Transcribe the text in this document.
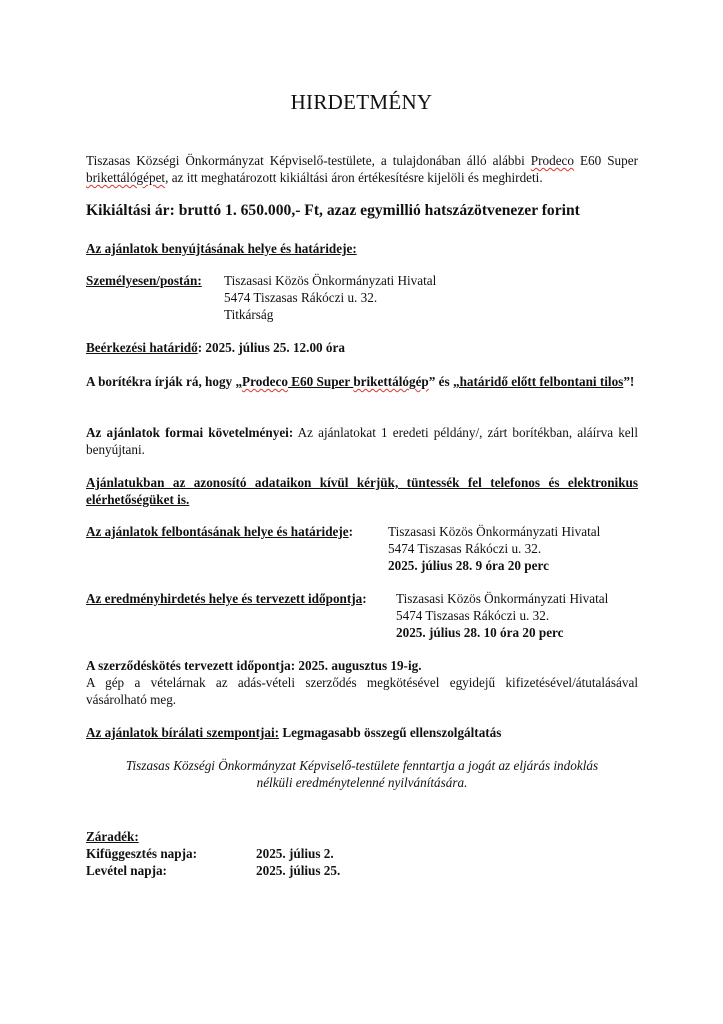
HIRDETMÉNY
Tiszasas Községi Önkormányzat Képviselő-testülete, a tulajdonában álló alábbi Prodeco E60 Super brikettálógépet, az itt meghatározott kikiáltási áron értékesítésre kijelöli és meghirdeti.
Kikiáltási ár: bruttó 1. 650.000,- Ft, azaz egymillió hatszázötvenezer forint
Az ajánlatok benyújtásának helye és határideje:
Személyesen/postán: Tiszasasi Közös Önkormányzati Hivatal
5474 Tiszasas Rákóczi u. 32.
Titkárság
Beérkezési határidő: 2025. július 25. 12.00 óra
A borítékra írják rá, hogy „Prodeco E60 Super brikettálógép” és „határidő előtt felbontani tilos”!
Az ajánlatok formai követelményei: Az ajánlatokat 1 eredeti példány/, zárt borítékban, aláírva kell benyújtani.
Ajánlatukban az azonosító adataikon kívül kérjük, tüntessék fel telefonos és elektronikus elérhetőségüket is.
Az ajánlatok felbontásának helye és határideje:	Tiszasasi Közös Önkormányzati Hivatal
5474 Tiszasas Rákóczi u. 32.
2025. július 28. 9 óra 20 perc
Az eredményhirdetés helye és tervezett időpontja: Tiszasasi Közös Önkormányzati Hivatal
5474 Tiszasas Rákóczi u. 32.
2025. július 28. 10 óra 20 perc
A szerződéskötés tervezett időpontja: 2025. augusztus 19-ig.
A gép a vételárnak az adás-vételi szerződés megkötésével egyidejű kifizetésével/átutalásával vásárolható meg.
Az ajánlatok bírálati szempontjai: Legmagasabb összegű ellenszolgáltatás
Tiszasas Községi Önkormányzat Képviselő-testülete fenntartja a jogát az eljárás indoklás nélküli eredménytelenné nyilvánítására.
Záradék:
Kifüggesztés napja:	2025. július 2.
Levétel napja:	2025. július 25.
